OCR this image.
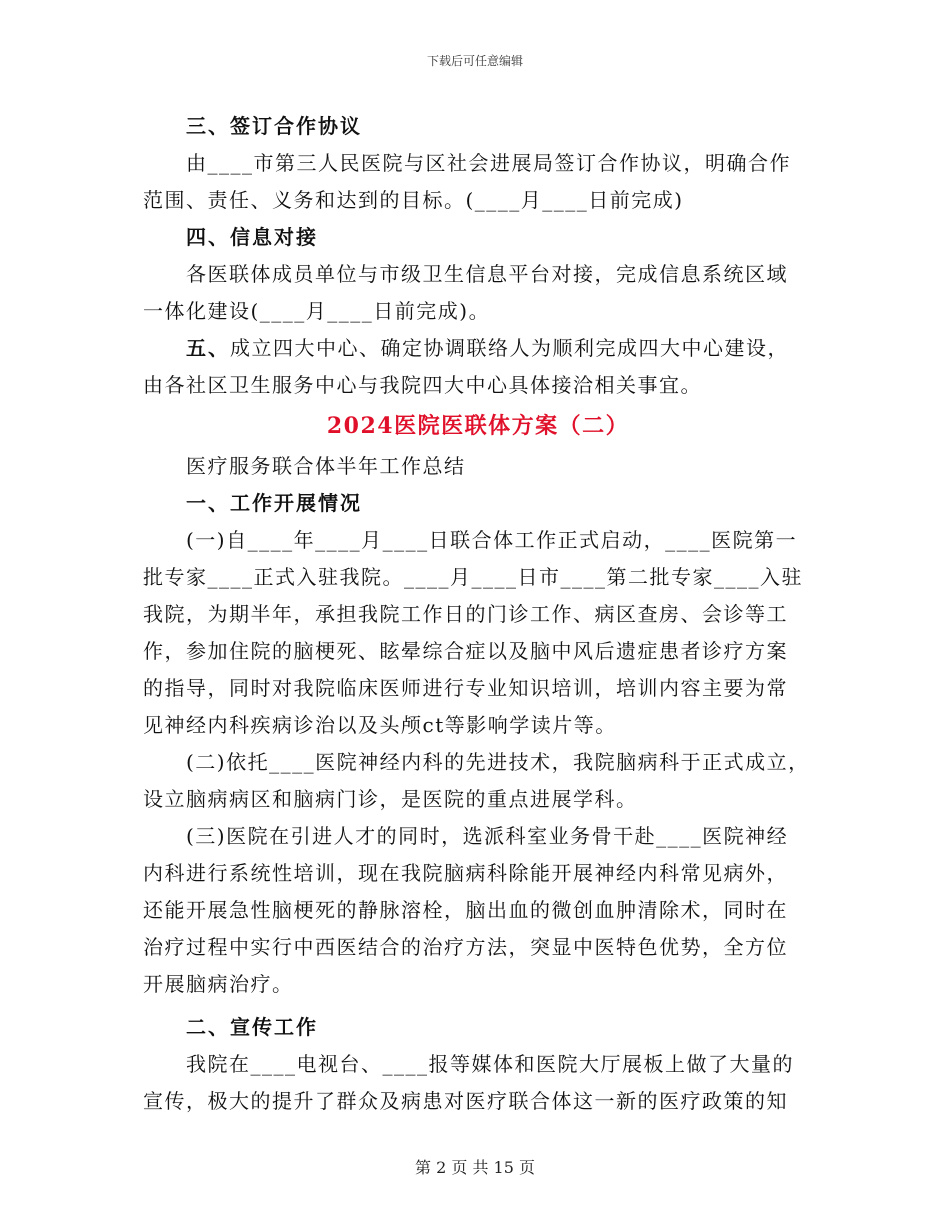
下载后可任意编辑
三、签订合作协议
由____市第三人民医院与区社会进展局签订合作协议，明确合作
范围、责任、义务和达到的目标。(____月____日前完成)
四、信息对接
各医联体成员单位与市级卫生信息平台对接，完成信息系统区域
一体化建设(____月____日前完成)。
五、成立四大中心、确定协调联络人为顺利完成四大中心建设，
由各社区卫生服务中心与我院四大中心具体接洽相关事宜。
2024医院医联体方案（二）
医疗服务联合体半年工作总结
一、工作开展情况
(一)自____年____月____日联合体工作正式启动，____医院第一
批专家____正式入驻我院。____月____日市____第二批专家____入驻
我院，为期半年，承担我院工作日的门诊工作、病区查房、会诊等工
作，参加住院的脑梗死、眩晕综合症以及脑中风后遗症患者诊疗方案
的指导，同时对我院临床医师进行专业知识培训，培训内容主要为常
见神经内科疾病诊治以及头颅ct等影响学读片等。
(二)依托____医院神经内科的先进技术，我院脑病科于正式成立，
设立脑病病区和脑病门诊，是医院的重点进展学科。
(三)医院在引进人才的同时，选派科室业务骨干赴____医院神经
内科进行系统性培训，现在我院脑病科除能开展神经内科常见病外，
还能开展急性脑梗死的静脉溶栓，脑出血的微创血肿清除术，同时在
治疗过程中实行中西医结合的治疗方法，突显中医特色优势，全方位
开展脑病治疗。
二、宣传工作
我院在____电视台、____报等媒体和医院大厅展板上做了大量的
宣传，极大的提升了群众及病患对医疗联合体这一新的医疗政策的知
第 2 页 共 15 页
